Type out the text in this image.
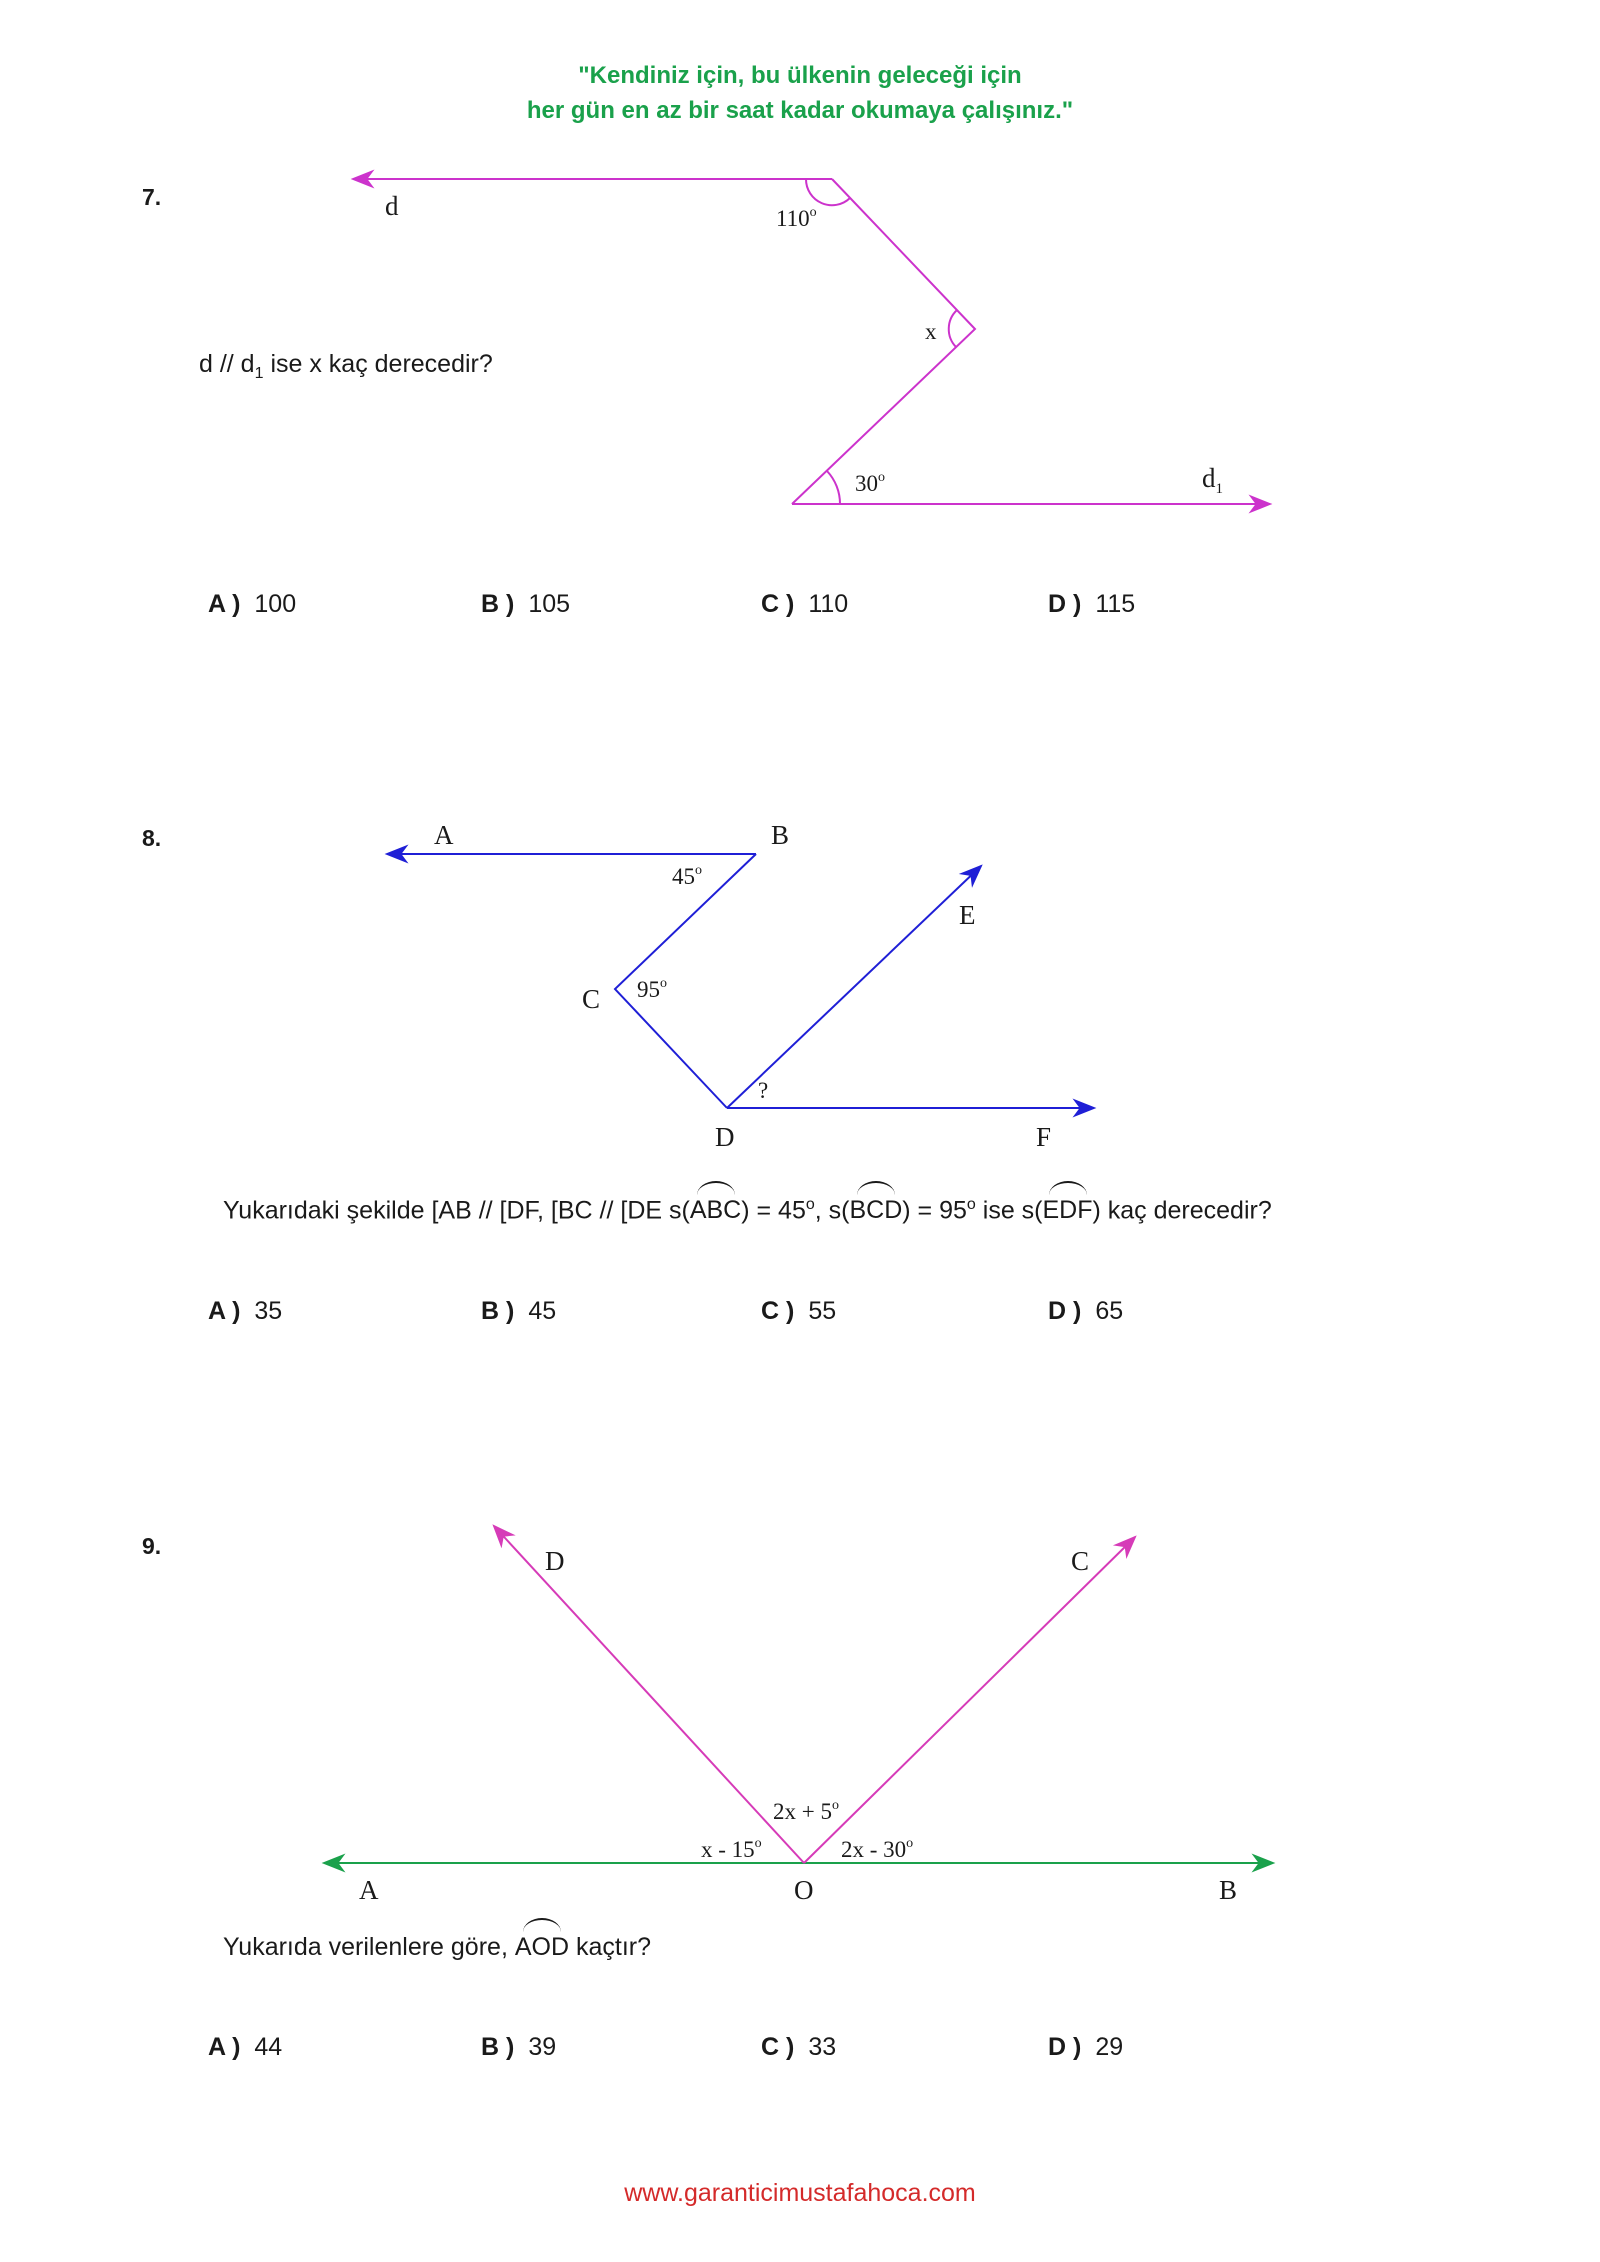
"Kendiniz için, bu ülkenin geleceği için
her gün en az bir saat kadar okumaya çalışınız."
7.	d	110$^o$
x
30$^o$	$d_1$
d // $d_1$ ise x kaç derecedir?
A ) 100	B ) 105	C ) 110	D ) 115
8.	A	B
C
D
E
F
45$^o$
95$^o$
?
Yukarıdaki şekilde [AB // [DF, [BC // [DE $s(ABC) = 45^o$, $s(BCD) = 95^o$ ise s(EDF) kaç derecedir?
A ) 35	B ) 45	C ) 55	D ) 65
9.	D	C
A	O	B
$2x + 5^o$
x - 15$^o$	2x - 30$^o$
Yukarıda verilenlere göre, AOD kaçtır?
A ) 44	B ) 39	C ) 33	D ) 29
www.garanticimustafahoca.com
